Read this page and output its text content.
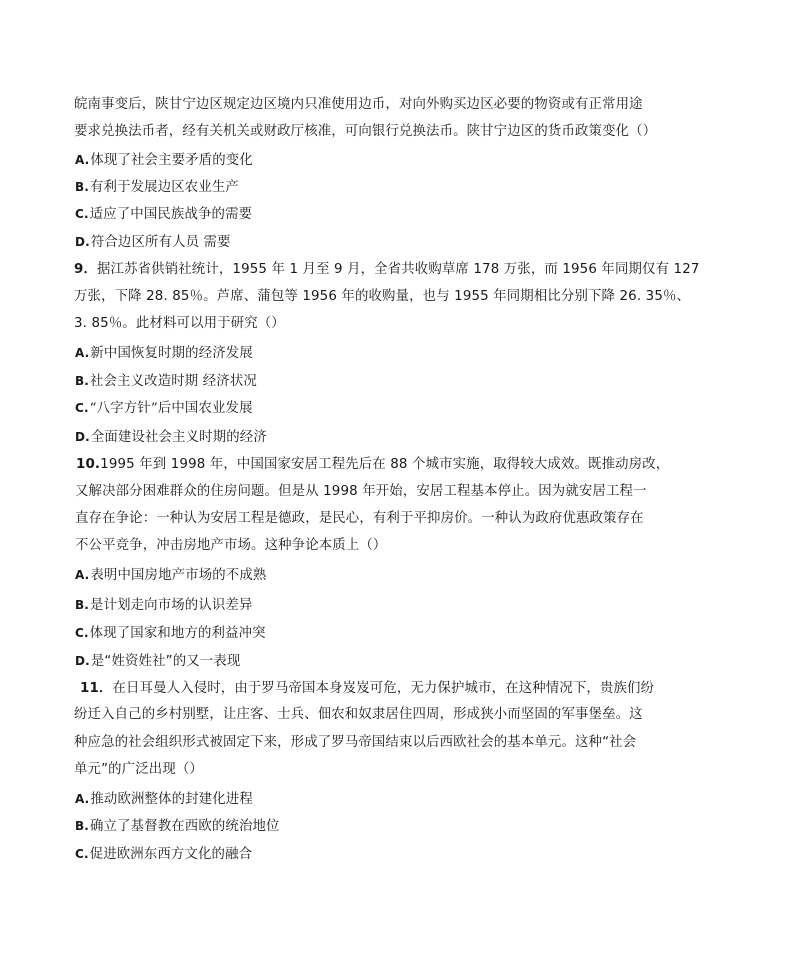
皖南事变后，陕甘宁边区规定边区境内只准使用边币，对向外购买边区必要的物资或有正常用途
要求兑换法币者，经有关机关或财政厅核准，可向银行兑换法币。陕甘宁边区的货币政策变化（）
A.体现了社会主要矛盾的变化
B.有利于发展边区农业生产
C.适应了中国民族战争的需要
D.符合边区所有人员 需要
9．据江苏省供销社统计，1955 年 1 月至 9 月，全省共收购草席 178 万张，而 1956 年同期仅有 127
万张，下降 28. 85％。芦席、蒲包等 1956 年的收购量，也与 1955 年同期相比分别下降 26. 35％、
3. 85％。此材料可以用于研究（）
A.新中国恢复时期的经济发展
B.社会主义改造时期 经济状况
C.“八字方针”后中国农业发展
D.全面建设社会主义时期的经济
10.1995 年到 1998 年，中国国家安居工程先后在 88 个城市实施，取得较大成效。既推动房改，
又解决部分困难群众的住房问题。但是从 1998 年开始，安居工程基本停止。因为就安居工程一
直存在争论：一种认为安居工程是德政，是民心，有利于平抑房价。一种认为政府优惠政策存在
不公平竞争，冲击房地产市场。这种争论本质上（）
A.表明中国房地产市场的不成熟
B.是计划走向市场的认识差异
C.体现了国家和地方的利益冲突
D.是“姓资姓社”的又一表现
11．在日耳曼人入侵时，由于罗马帝国本身岌岌可危，无力保护城市，在这种情况下，贵族们纷
纷迁入自己的乡村别墅，让庄客、士兵、佃农和奴隶居住四周，形成狭小而坚固的军事堡垒。这
种应急的社会组织形式被固定下来，形成了罗马帝国结束以后西欧社会的基本单元。这种“社会
单元”的广泛出现（）
A.推动欧洲整体的封建化进程
B.确立了基督教在西欧的统治地位
C.促进欧洲东西方文化的融合
